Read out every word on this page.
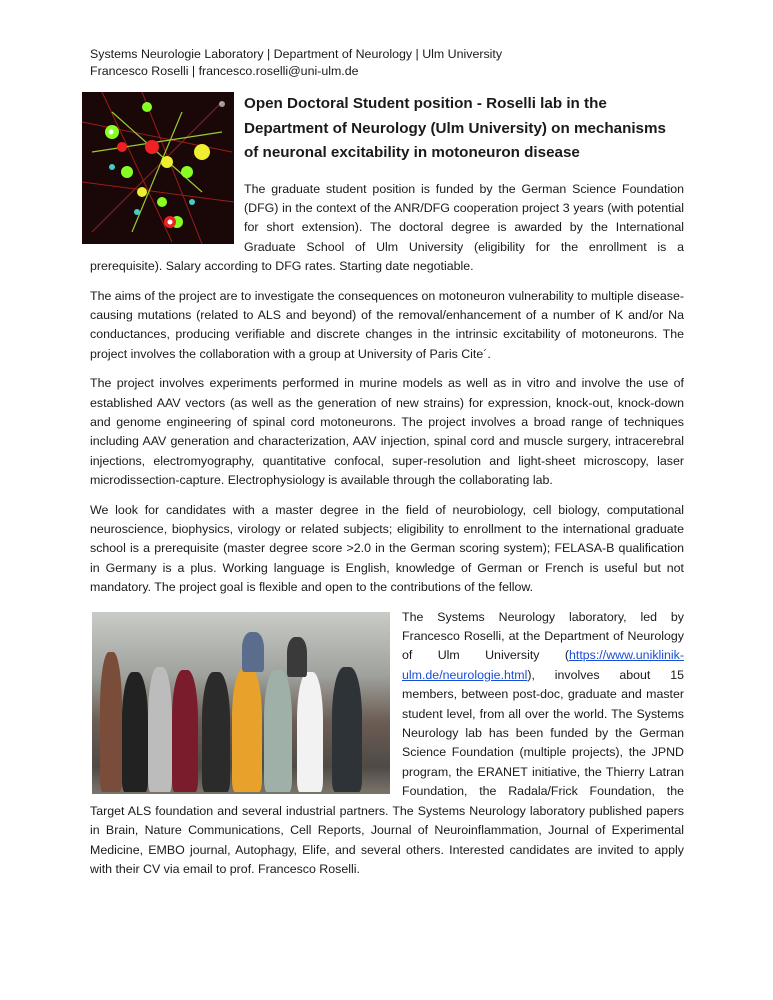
Systems Neurologie Laboratory | Department of Neurology | Ulm University
Francesco Roselli | francesco.roselli@uni-ulm.de
Open Doctoral Student position - Roselli lab in the Department of Neurology (Ulm University) on mechanisms of neuronal excitability in motoneuron disease

The graduate student position is funded by the German Science Foundation (DFG) in the context of the ANR/DFG cooperation project 3 years (with potential for short extension). The doctoral degree is awarded by the International Graduate School of Ulm University (eligibility for the enrollment is a prerequisite). Salary according to DFG rates. Starting date negotiable.

The aims of the project are to investigate the consequences on motoneuron vulnerability to multiple disease-causing mutations (related to ALS and beyond) of the removal/enhancement of a number of K and/or Na conductances, producing verifiable and discrete changes in the intrinsic excitability of motoneurons. The project involves the collaboration with a group at University of Paris Cite´.

The project involves experiments performed in murine models as well as in vitro and involve the use of established AAV vectors (as well as the generation of new strains) for expression, knock-out, knock-down and genome engineering of spinal cord motoneurons. The project involves a broad range of techniques including AAV generation and characterization, AAV injection, spinal cord and muscle surgery, intracerebral injections, electromyography, quantitative confocal, super-resolution and light-sheet microscopy, laser microdissection-capture. Electrophysiology is available through the collaborating lab.

We look for candidates with a master degree in the field of neurobiology, cell biology, computational neuroscience, biophysics, virology or related subjects; eligibility to enrollment to the international graduate school is a prerequisite (master degree score >2.0 in the German scoring system); FELASA-B qualification in Germany is a plus. Working language is English, knowledge of German or French is useful but not mandatory. The project goal is flexible and open to the contributions of the fellow.

The Systems Neurology laboratory, led by Francesco Roselli, at the Department of Neurology of Ulm University (https://www.uniklinik-ulm.de/neurologie.html), involves about 15 members, between post-doc, graduate and master student level, from all over the world. The Systems Neurology lab has been funded by the German Science Foundation (multiple projects), the JPND program, the ERANET initiative, the Thierry Latran Foundation, the Radala/Frick Foundation, the Target ALS foundation and several industrial partners. The Systems Neurology laboratory published papers in Brain, Nature Communications, Cell Reports, Journal of Neuroinflammation, Journal of Experimental Medicine, EMBO journal, Autophagy, Elife, and several others. Interested candidates are invited to apply with their CV via email to prof. Francesco Roselli.
